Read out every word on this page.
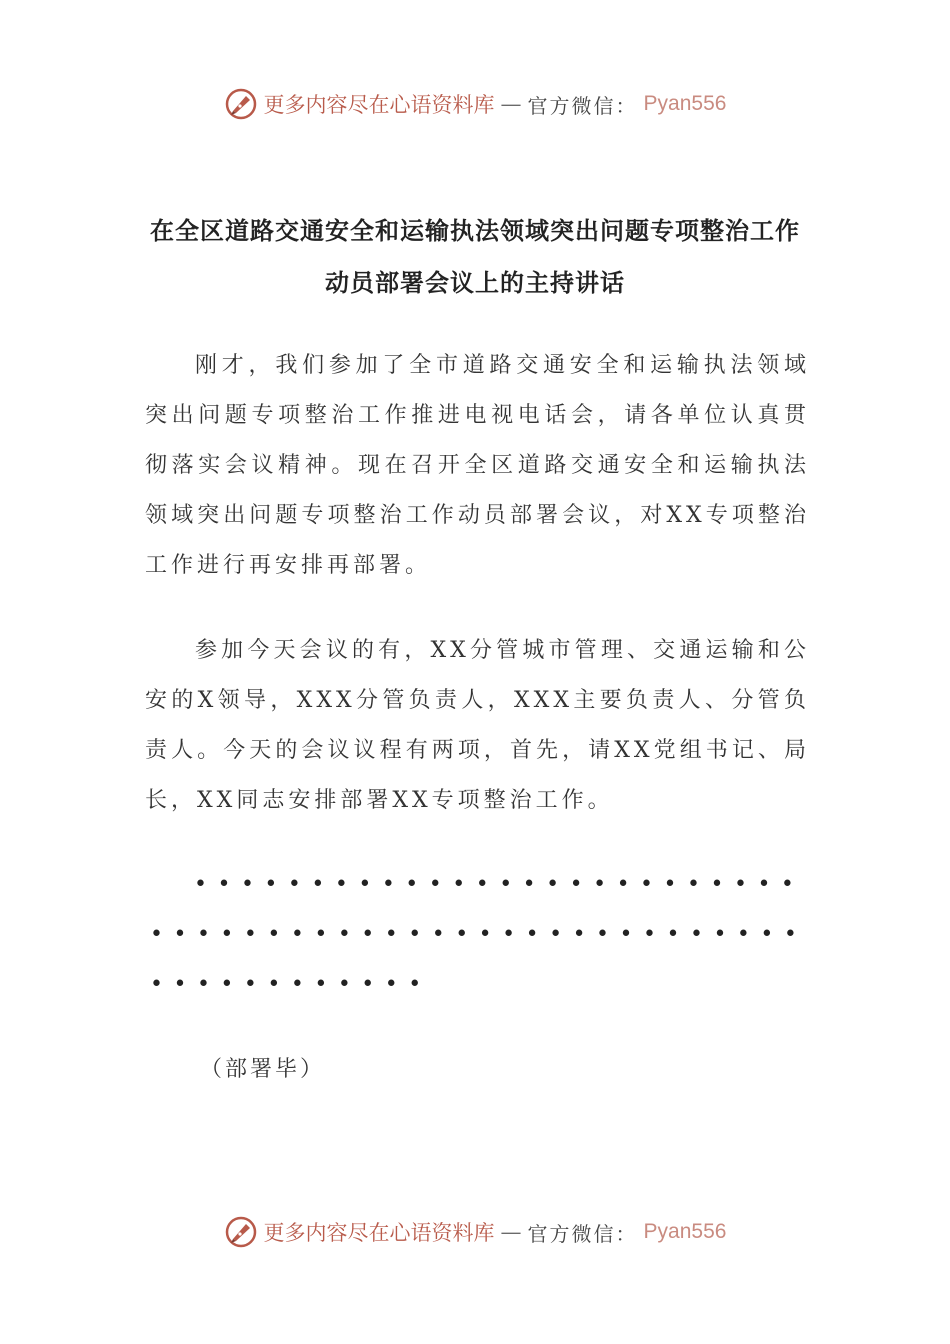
更多内容尽在心语资料库 — 官方微信： Pyan556
在全区道路交通安全和运输执法领域突出问题专项整治工作动员部署会议上的主持讲话

刚才，我们参加了全市道路交通安全和运输执法领域突出问题专项整治工作推进电视电话会，请各单位认真贯彻落实会议精神。现在召开全区道路交通安全和运输执法领域突出问题专项整治工作动员部署会议，对XX专项整治工作进行再安排再部署。

参加今天会议的有，XX分管城市管理、交通运输和公安的X领导，XXX分管负责人，XXX主要负责人、分管负责人。今天的会议议程有两项，首先，请XX党组书记、局长，XX同志安排部署XX专项整治工作。

••••••••••••••••••••••••••••••••••••••••••••••••••••••••••••••••••

（部署毕）
更多内容尽在心语资料库 — 官方微信： Pyan556
